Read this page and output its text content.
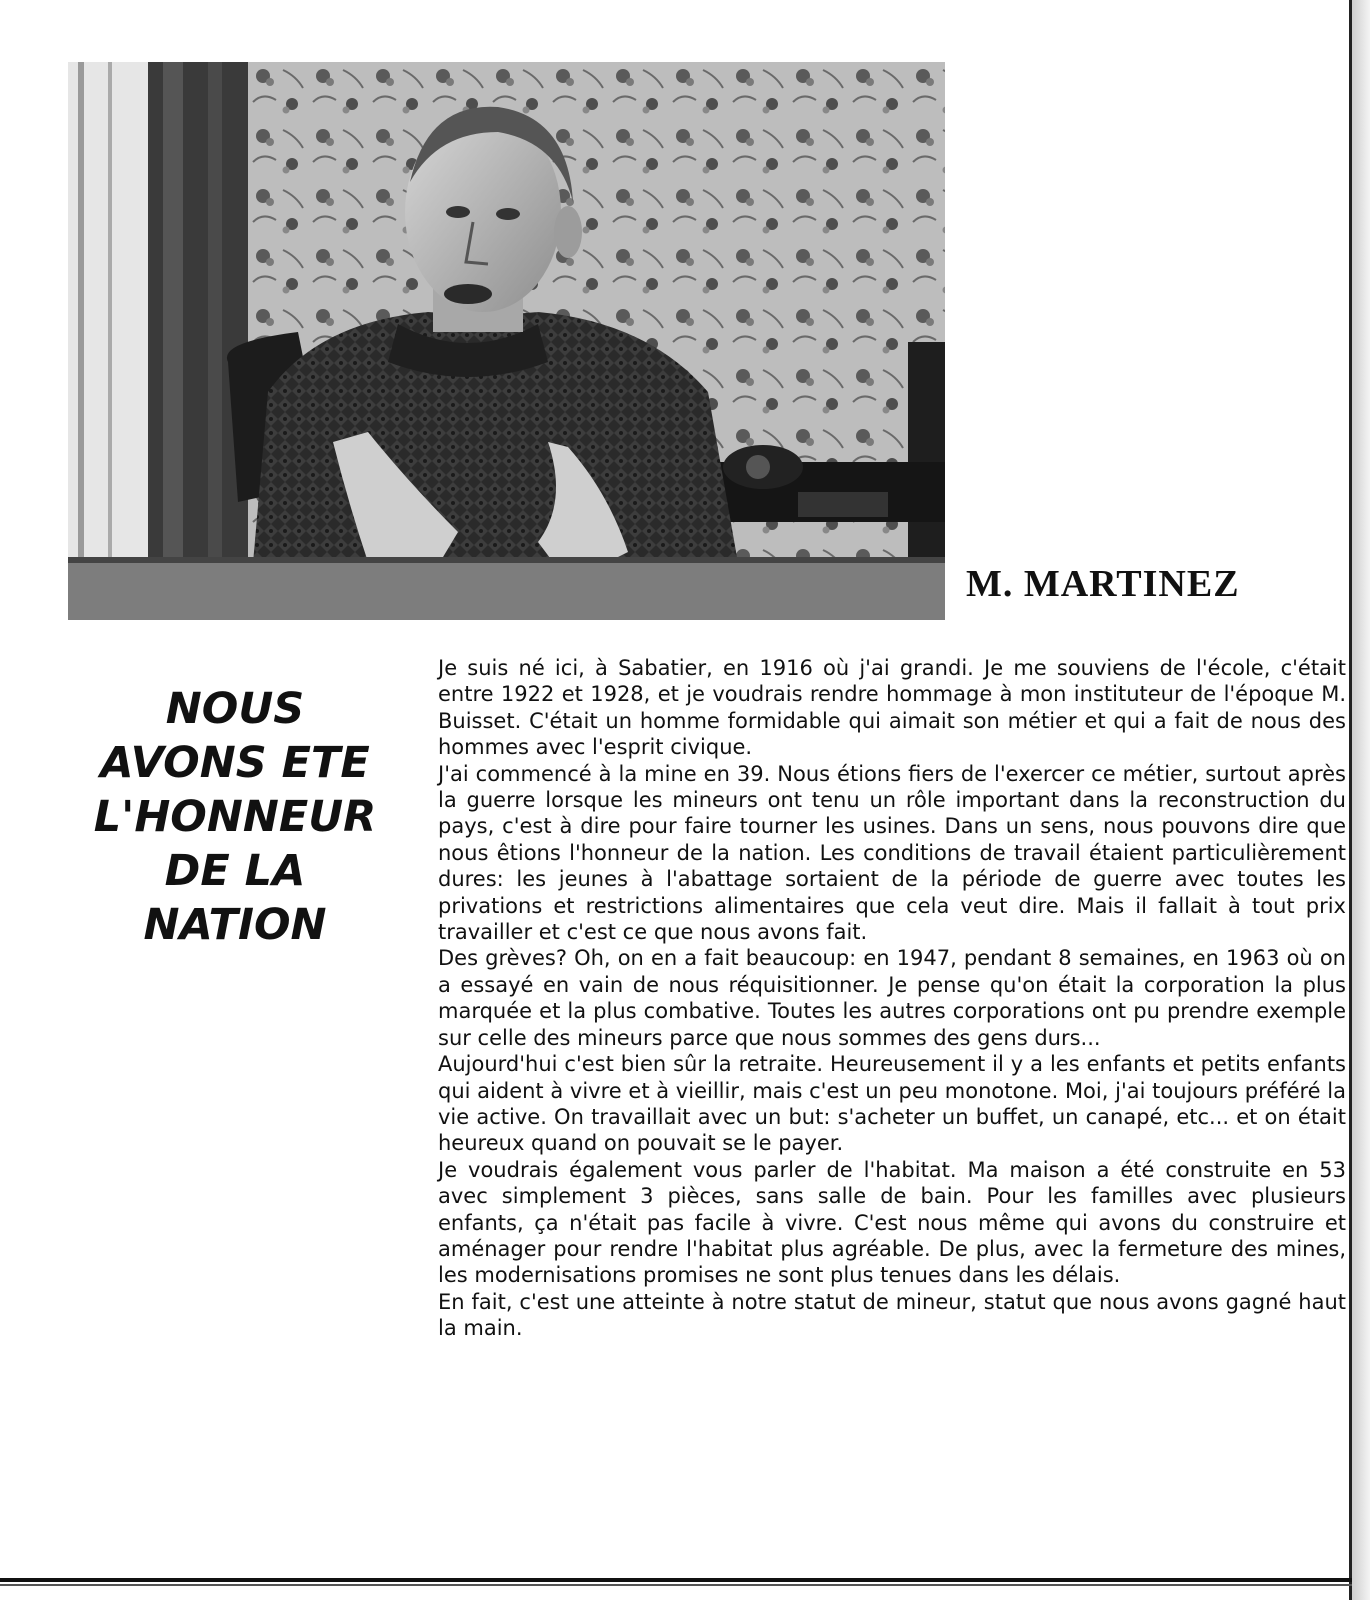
M. MARTINEZ
NOUS
AVONS ETE
L'HONNEUR
DE LA
NATION

Je suis né ici, à Sabatier, en 1916 où j'ai grandi. Je me souviens de l'école, c'était entre 1922 et 1928, et je voudrais rendre hommage à mon instituteur de l'époque M. Buisset. C'était un homme formidable qui aimait son métier et qui a fait de nous des hommes avec l'esprit civique.

J'ai commencé à la mine en 39. Nous étions fiers de l'exercer ce métier, surtout après la guerre lorsque les mineurs ont tenu un rôle important dans la reconstruction du pays, c'est à dire pour faire tourner les usines. Dans un sens, nous pouvons dire que nous êtions l'honneur de la nation. Les conditions de travail étaient particulièrement dures: les jeunes à l'abattage sortaient de la période de guerre avec toutes les privations et restrictions alimentaires que cela veut dire. Mais il fallait à tout prix travailler et c'est ce que nous avons fait.

Des grèves? Oh, on en a fait beaucoup: en 1947, pendant 8 semaines, en 1963 où on a essayé en vain de nous réquisitionner. Je pense qu'on était la corporation la plus marquée et la plus combative. Toutes les autres corporations ont pu prendre exemple sur celle des mineurs parce que nous sommes des gens durs...

Aujourd'hui c'est bien sûr la retraite. Heureusement il y a les enfants et petits enfants qui aident à vivre et à vieillir, mais c'est un peu monotone. Moi, j'ai toujours préféré la vie active. On travaillait avec un but: s'acheter un buffet, un canapé, etc... et on était heureux quand on pouvait se le payer.

Je voudrais également vous parler de l'habitat. Ma maison a été construite en 53 avec simplement 3 pièces, sans salle de bain. Pour les familles avec plusieurs enfants, ça n'était pas facile à vivre. C'est nous même qui avons du construire et aménager pour rendre l'habitat plus agréable. De plus, avec la fermeture des mines, les modernisations promises ne sont plus tenues dans les délais.

En fait, c'est une atteinte à notre statut de mineur, statut que nous avons gagné haut la main.
